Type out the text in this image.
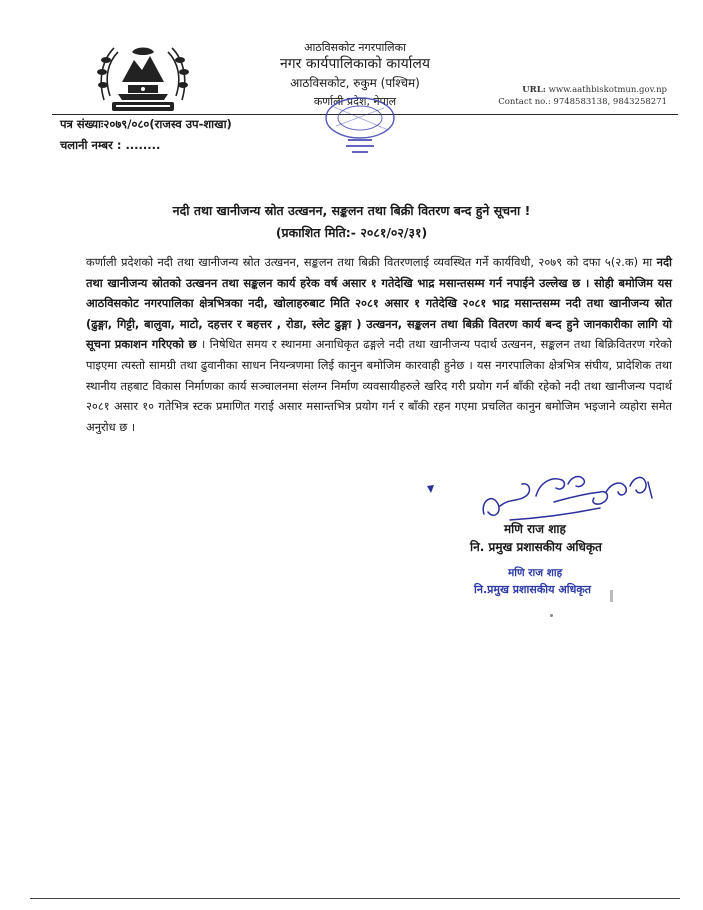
आठविसकोट नगरपालिका
नगर कार्यपालिकाको कार्यालय
आठविसकोट, रुकुम (पश्चिम)
कर्णाली प्रदेश, नेपाल
URL: www.aathbiskotmun.gov.np
Contact no.: 9748583138, 9843258271
पत्र संख्याः२०७९/०८०(राजस्व उप-शाखा)
चलानी नम्बर : ........
नदी तथा खानीजन्य स्रोत उत्खनन, सङ्कलन तथा बिक्री वितरण बन्द हुने सूचना !
(प्रकाशित मिति:- २०८१/०२/३१)
कर्णाली प्रदेशको नदी तथा खानीजन्य स्रोत उत्खनन, सङ्कलन तथा बिक्री वितरणलाई व्यवस्थित गर्ने कार्यविधी, २०७९ को दफा ५(२.क) मा नदी तथा खानीजन्य स्रोतको उत्खनन तथा सङ्कलन कार्य हरेक वर्ष असार १ गतेदेखि भाद्र मसान्तसम्म गर्न नपाईने उल्लेख छ । सोही बमोजिम यस आठविसकोट नगरपालिका क्षेत्रभित्रका नदी, खोलाहरुबाट मिति २०८१ असार १ गतेदेखि २०८१ भाद्र मसान्तसम्म नदी तथा खानीजन्य स्रोत (ढुङ्गा, गिट्टी, बालुवा, माटो, दहत्तर र बहत्तर , रोडा, स्लेट ढुङ्गा ) उत्खनन, सङ्कलन तथा बिक्री वितरण कार्य बन्द हुने जानकारीका लागि यो सूचना प्रकाशन गरिएको छ । निषेधित समय र स्थानमा अनाधिकृत ढङ्गले नदी तथा खानीजन्य पदार्थ उत्खनन, सङ्कलन तथा बिक्रिवितरण गरेको पाइएमा त्यस्तो सामग्री तथा ढुवानीका साधन नियन्त्रणमा लिई कानुन बमोजिम कारवाही हुनेछ । यस नगरपालिका क्षेत्रभित्र संघीय, प्रादेशिक तथा स्थानीय तहबाट विकास निर्माणका कार्य सञ्चालनमा संलग्न निर्माण व्यवसायीहरुले खरिद गरी प्रयोग गर्न बाँकी रहेको नदी तथा खानीजन्य पदार्थ २०८१ असार १० गतेभित्र स्टक प्रमाणित गराई असार मसान्तभित्र प्रयोग गर्न र बाँकी रहन गएमा प्रचलित कानुन बमोजिम भइजाने व्यहोरा समेत अनुरोध छ ।
मणि राज शाह
नि. प्रमुख प्रशासकीय अधिकृत
मणि राज शाह
नि.प्रमुख प्रशासकीय अधिकृत
